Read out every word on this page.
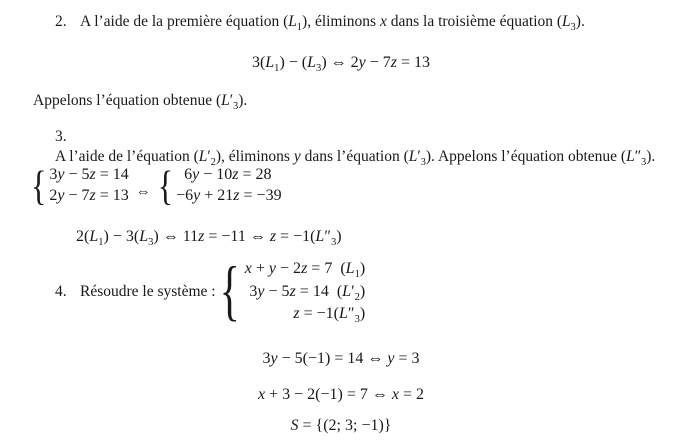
2. A l’aide de la première équation $(L_1)$, éliminons x dans la troisième équation $(L_3)$.
$3(L_1) - (L_3)$ ⇔ 2y − 7z = 13
Appelons l’équation obtenue $(L'_3)$.
3.A l’aide de l’équation $(L'_2)$, éliminons y dans l’équation $(L'_3)$. Appelons l’équation obtenue $(L''_3)$.
{ 3y − 5z = 14
2y − 7z = 13 ⇔ { 6y − 10z = 28
−6y + 21z = −39
$2(L_1) - 3(L_3)$ ⇔ 11z = −11 ⇔ $z = -1(L''_3)$
4. Résoudre le système : { x + y − 2z = 7  $(L_1)$
3y − 5z = 14  $(L'_2)$
$z = -1(L''_3)$
3y − 5(−1) = 14 ⇔ y = 3
x + 3 − 2(−1) = 7 ⇔ x = 2
S = {(2; 3; −1)}
